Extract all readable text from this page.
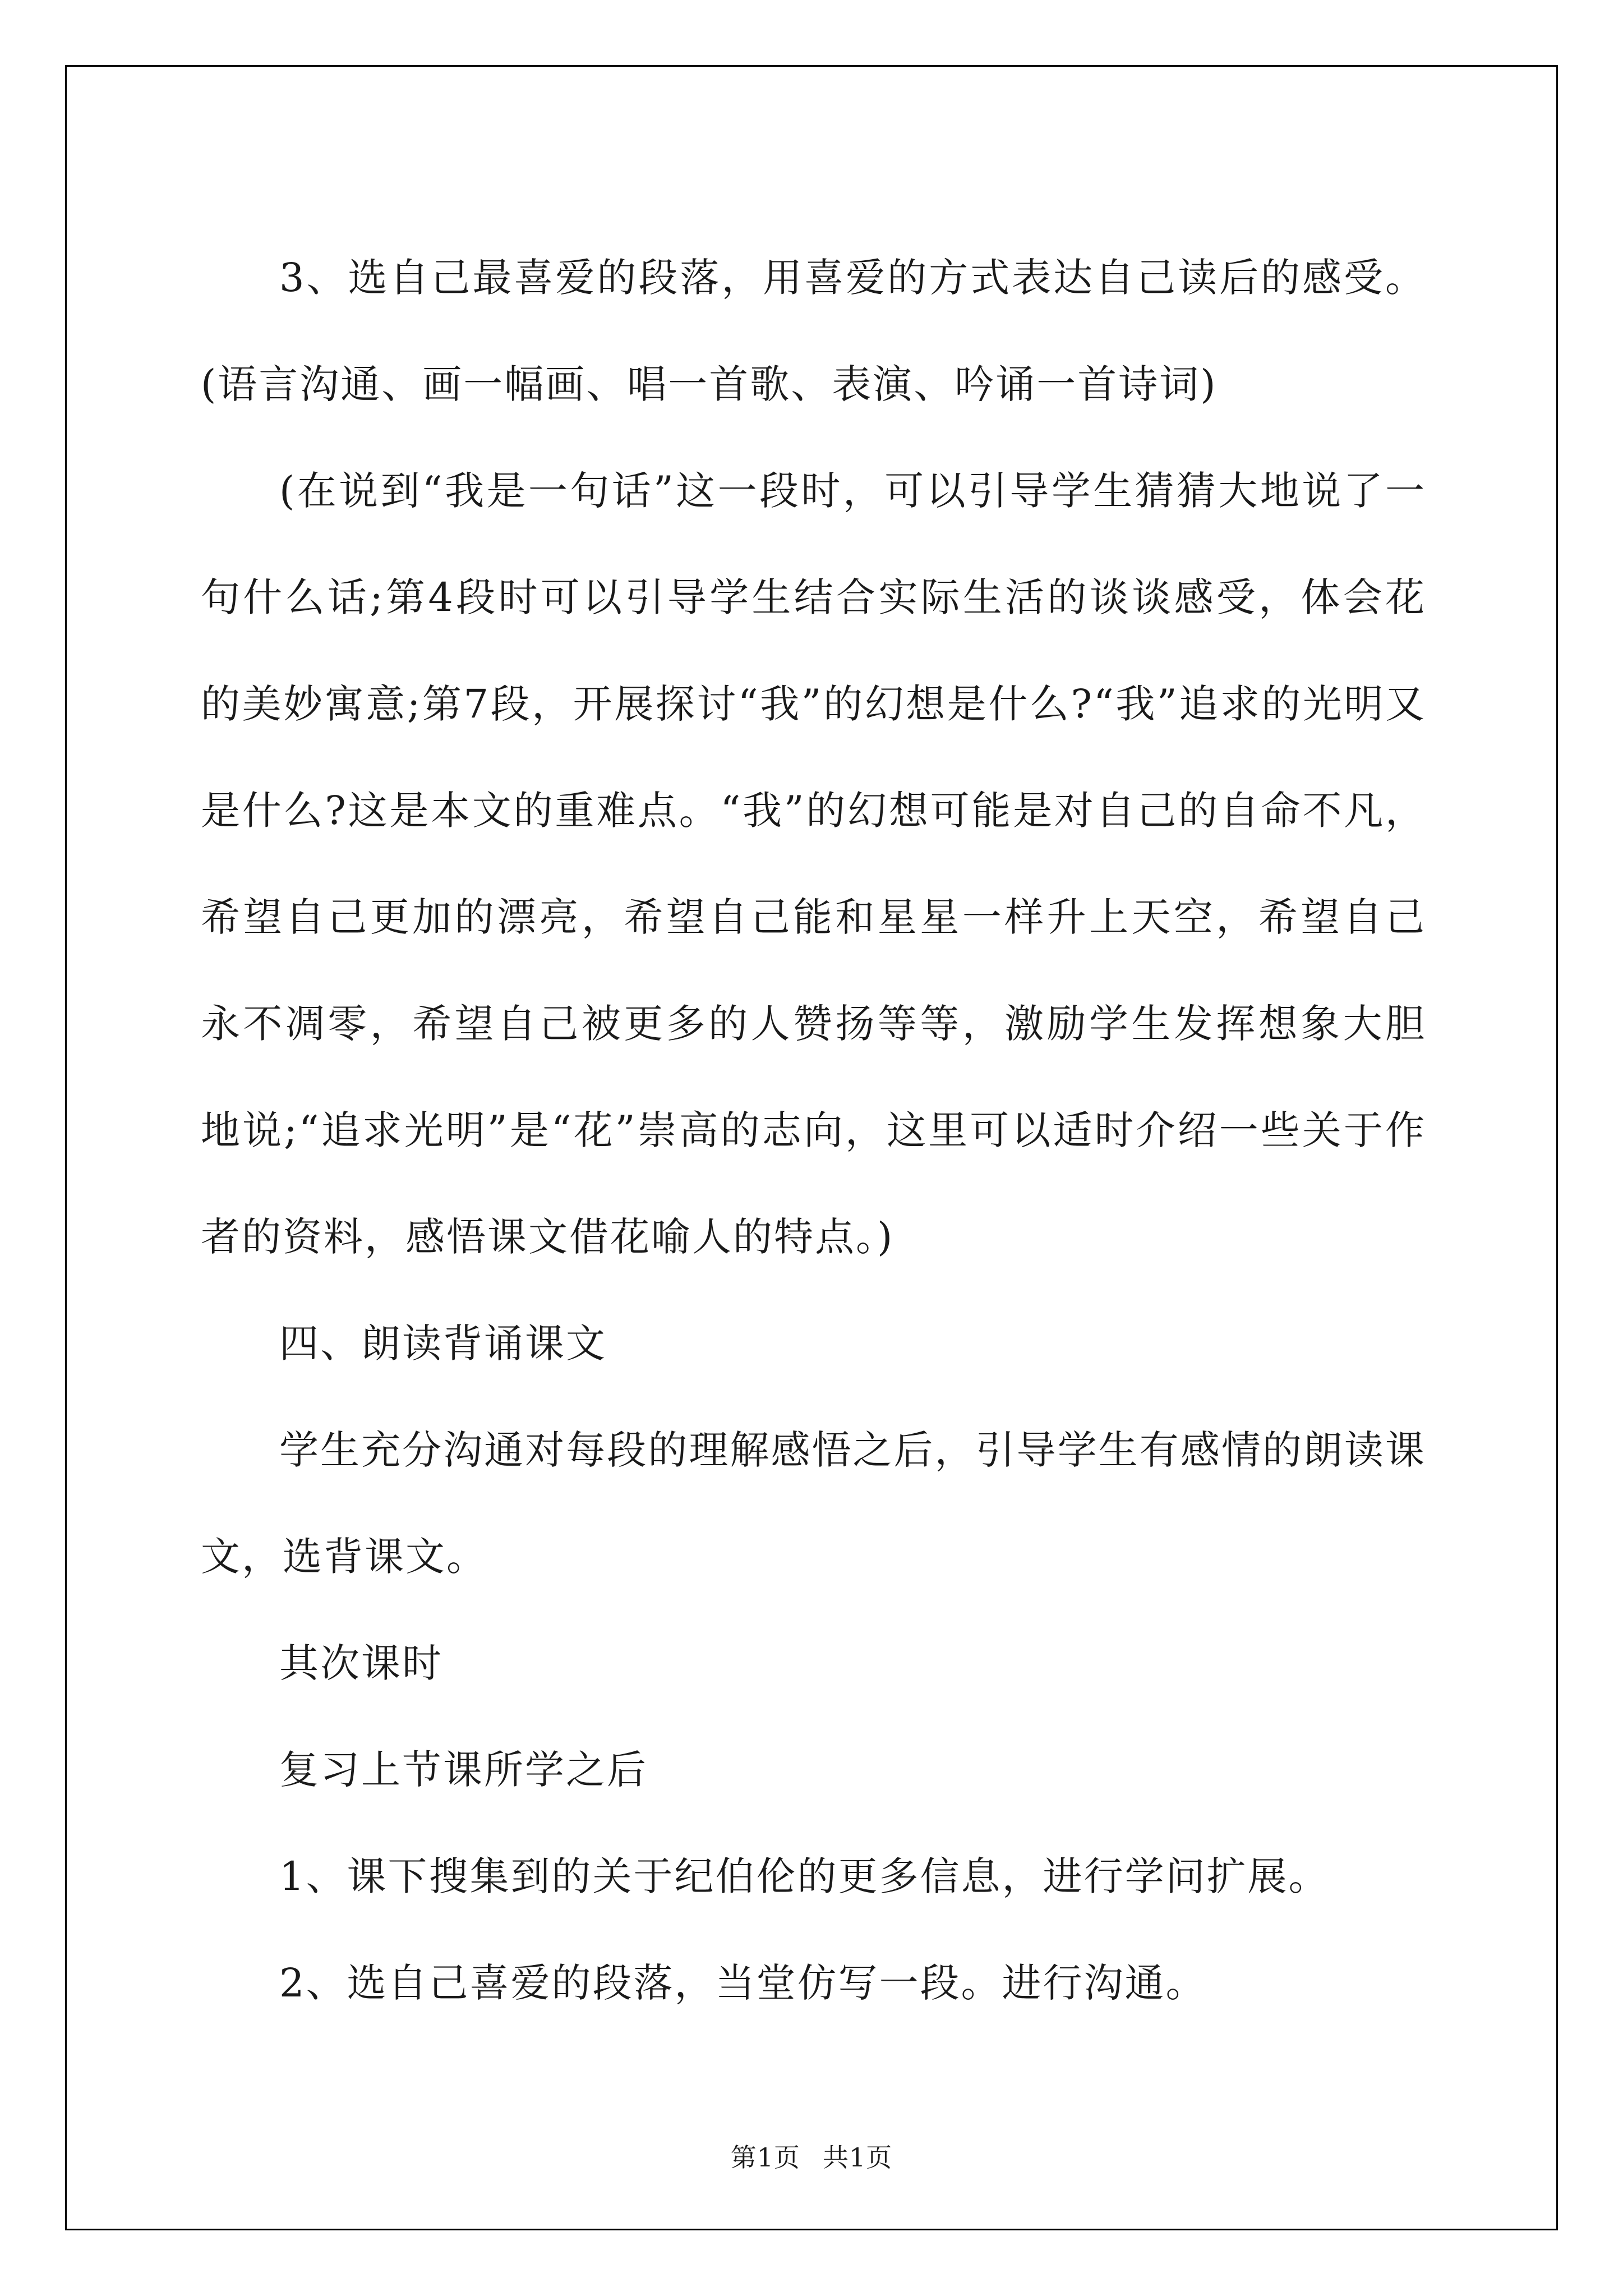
3、选自己最喜爱的段落，用喜爱的方式表达自己读后的感受。(语言沟通、画一幅画、唱一首歌、表演、吟诵一首诗词)

(在说到“我是一句话”这一段时，可以引导学生猜猜大地说了一句什么话;第4段时可以引导学生结合实际生活的谈谈感受，体会花的美妙寓意;第7段，开展探讨“我”的幻想是什么?“我”追求的光明又是什么?这是本文的重难点。“我”的幻想可能是对自己的自命不凡，希望自己更加的漂亮，希望自己能和星星一样升上天空，希望自己永不凋零，希望自己被更多的人赞扬等等，激励学生发挥想象大胆地说;“追求光明”是“花”崇高的志向，这里可以适时介绍一些关于作者的资料，感悟课文借花喻人的特点。)

四、朗读背诵课文

学生充分沟通对每段的理解感悟之后，引导学生有感情的朗读课文，选背课文。

其次课时

复习上节课所学之后

1、课下搜集到的关于纪伯伦的更多信息，进行学问扩展。

2、选自己喜爱的段落，当堂仿写一段。进行沟通。

第1页 共1页
